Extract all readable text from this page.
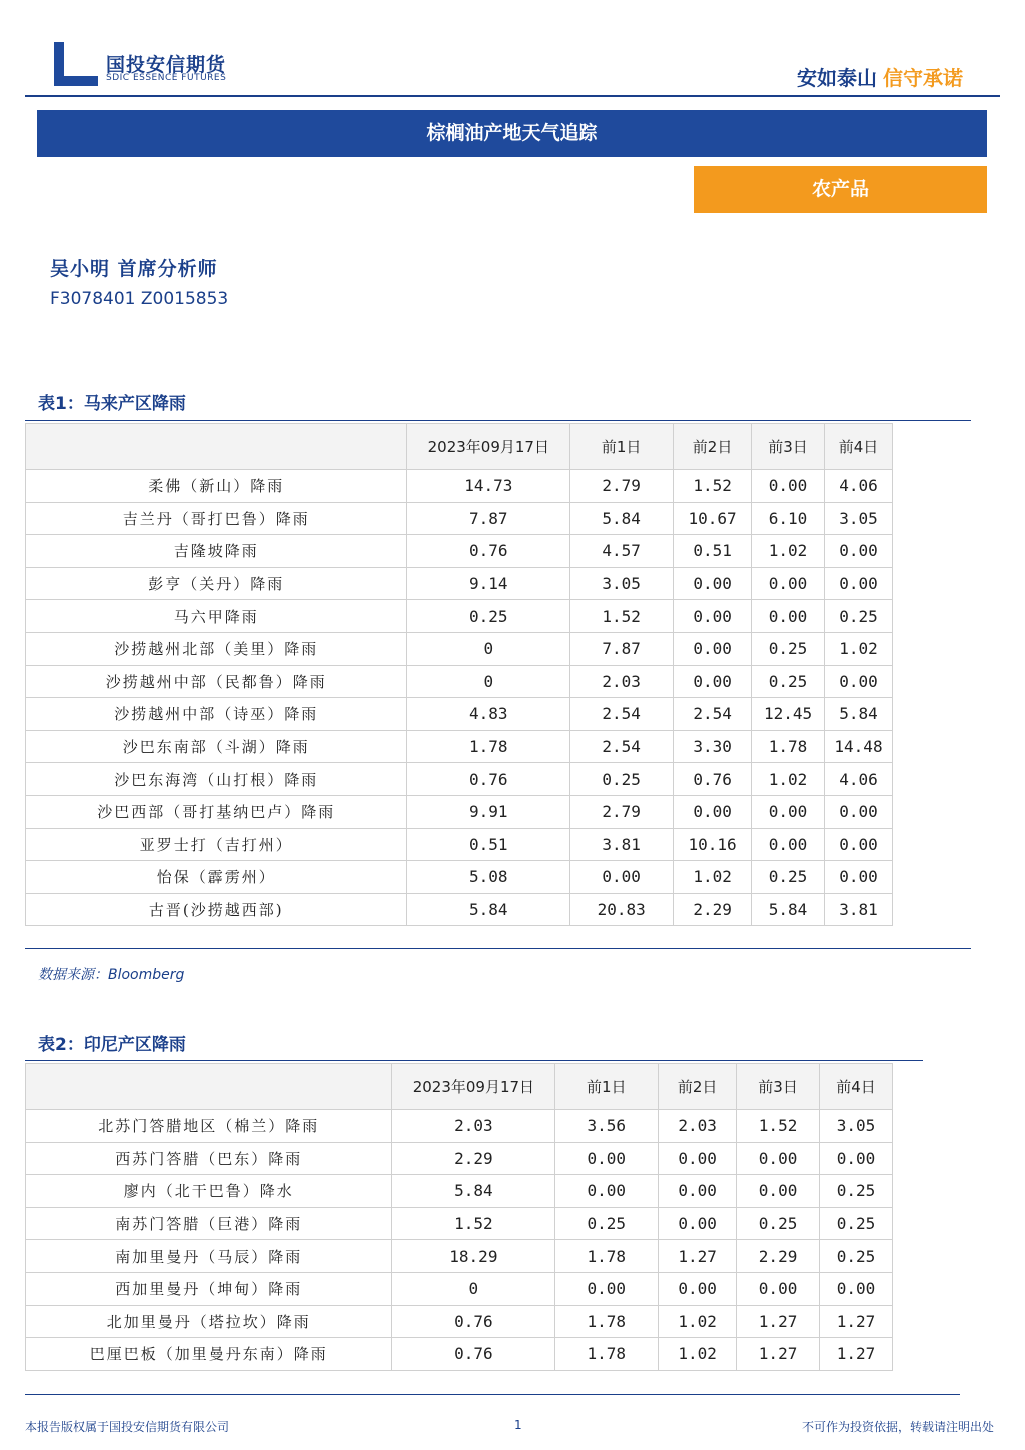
国投安信期货
SDIC ESSENCE FUTURES	安如泰山 信守承诺
棕榈油产地天气追踪
农产品
吴小明 首席分析师
F3078401 Z0015853
表1：马来产区降雨
	2023年09月17日	前1日	前2日	前3日	前4日
柔佛（新山）降雨	14.73	2.79	1.52	0.00	4.06
吉兰丹（哥打巴鲁）降雨	7.87	5.84	10.67	6.10	3.05
吉隆坡降雨	0.76	4.57	0.51	1.02	0.00
彭亨（关丹）降雨	9.14	3.05	0.00	0.00	0.00
马六甲降雨	0.25	1.52	0.00	0.00	0.25
沙捞越州北部（美里）降雨	0	7.87	0.00	0.25	1.02
沙捞越州中部（民都鲁）降雨	0	2.03	0.00	0.25	0.00
沙捞越州中部（诗巫）降雨	4.83	2.54	2.54	12.45	5.84
沙巴东南部（斗湖）降雨	1.78	2.54	3.30	1.78	14.48
沙巴东海湾（山打根）降雨	0.76	0.25	0.76	1.02	4.06
沙巴西部（哥打基纳巴卢）降雨	9.91	2.79	0.00	0.00	0.00
亚罗士打（吉打州）	0.51	3.81	10.16	0.00	0.00
怡保（霹雳州）	5.08	0.00	1.02	0.25	0.00
古晋(沙捞越西部)	5.84	20.83	2.29	5.84	3.81
数据来源：Bloomberg
表2：印尼产区降雨
	2023年09月17日	前1日	前2日	前3日	前4日
北苏门答腊地区（棉兰）降雨	2.03	3.56	2.03	1.52	3.05
西苏门答腊（巴东）降雨	2.29	0.00	0.00	0.00	0.00
廖内（北干巴鲁）降水	5.84	0.00	0.00	0.00	0.25
南苏门答腊（巨港）降雨	1.52	0.25	0.00	0.25	0.25
南加里曼丹（马辰）降雨	18.29	1.78	1.27	2.29	0.25
西加里曼丹（坤甸）降雨	0	0.00	0.00	0.00	0.00
北加里曼丹（塔拉坎）降雨	0.76	1.78	1.02	1.27	1.27
巴厘巴板（加里曼丹东南）降雨	0.76	1.78	1.02	1.27	1.27
本报告版权属于国投安信期货有限公司	1	不可作为投资依据，转载请注明出处
